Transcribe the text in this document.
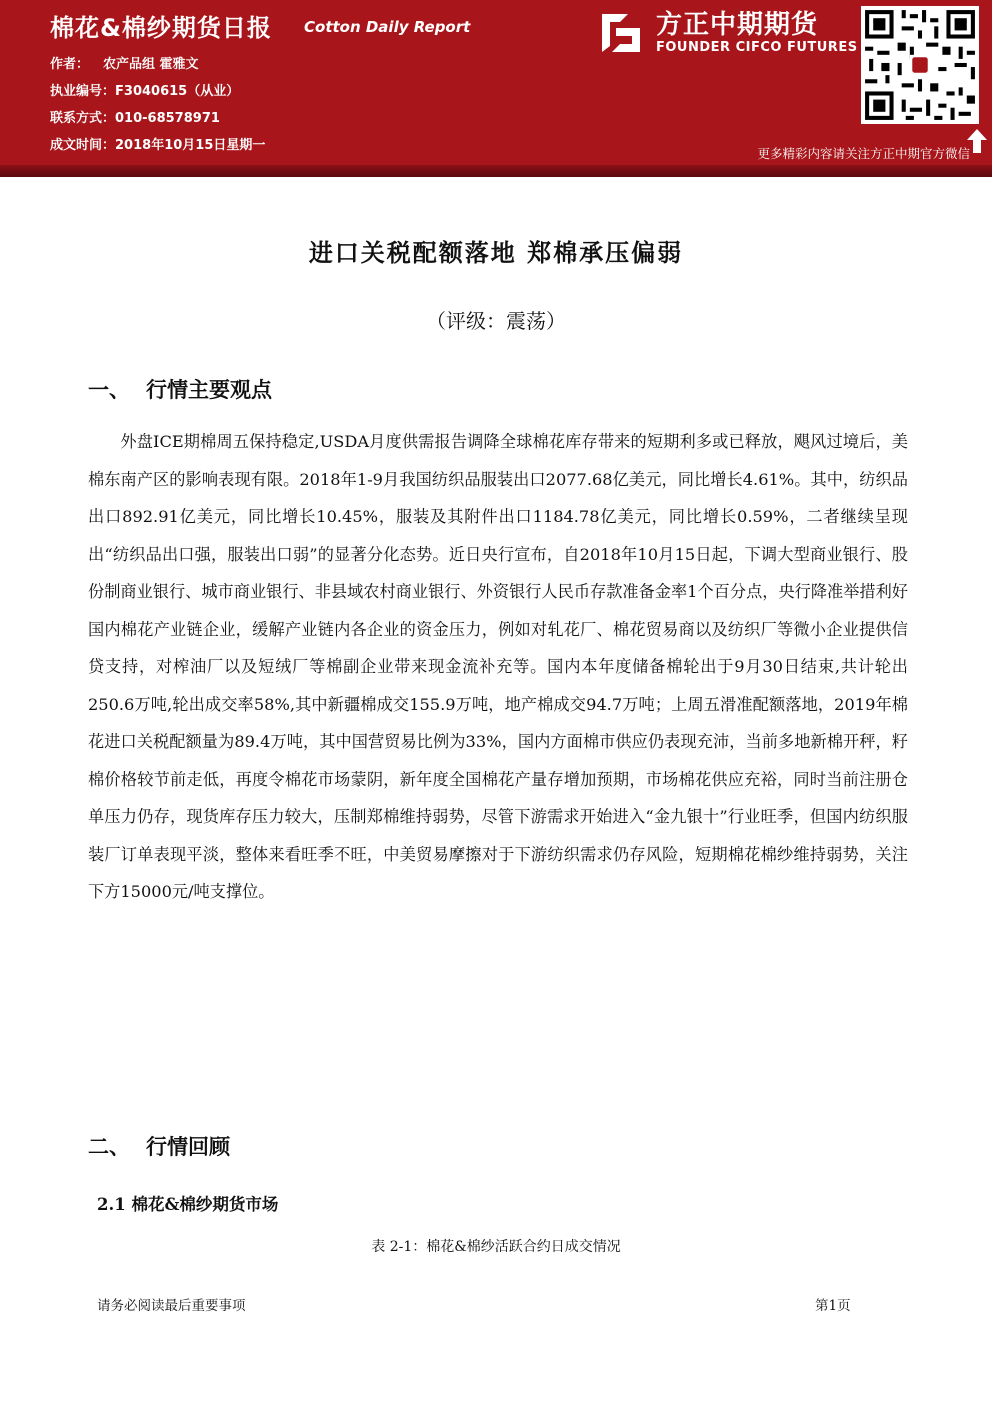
棉花&棉纱期货日报 Cotton Daily Report
作者： 农产品组 霍雅文
执业编号：F3040615（从业）
联系方式：010-68578971
成文时间：2018年10月15日星期一
方正中期期货
FOUNDER CIFCO FUTURES
更多精彩内容请关注方正中期官方微信
进口关税配额落地 郑棉承压偏弱
（评级：震荡）
一、 行情主要观点
外盘ICE期棉周五保持稳定,USDA月度供需报告调降全球棉花库存带来的短期利多或已释放，飓风过境后，美棉东南产区的影响表现有限。2018年1-9月我国纺织品服装出口2077.68亿美元，同比增长4.61%。其中，纺织品出口892.91亿美元，同比增长10.45%，服装及其附件出口1184.78亿美元，同比增长0.59%，二者继续呈现出“纺织品出口强，服装出口弱”的显著分化态势。近日央行宣布，自2018年10月15日起，下调大型商业银行、股份制商业银行、城市商业银行、非县域农村商业银行、外资银行人民币存款准备金率1个百分点，央行降准举措利好国内棉花产业链企业，缓解产业链内各企业的资金压力，例如对轧花厂、棉花贸易商以及纺织厂等微小企业提供信贷支持，对榨油厂以及短绒厂等棉副企业带来现金流补充等。国内本年度储备棉轮出于9月30日结束,共计轮出250.6万吨,轮出成交率58%,其中新疆棉成交155.9万吨，地产棉成交94.7万吨；上周五滑准配额落地，2019年棉花进口关税配额量为89.4万吨，其中国营贸易比例为33%，国内方面棉市供应仍表现充沛，当前多地新棉开秤，籽棉价格较节前走低，再度令棉花市场蒙阴，新年度全国棉花产量存增加预期，市场棉花供应充裕，同时当前注册仓单压力仍存，现货库存压力较大，压制郑棉维持弱势，尽管下游需求开始进入“金九银十”行业旺季，但国内纺织服装厂订单表现平淡，整体来看旺季不旺，中美贸易摩擦对于下游纺织需求仍存风险，短期棉花棉纱维持弱势，关注下方15000元/吨支撑位。
二、 行情回顾
2.1 棉花&棉纱期货市场
表 2-1：棉花&棉纱活跃合约日成交情况
请务必阅读最后重要事项	第1页
